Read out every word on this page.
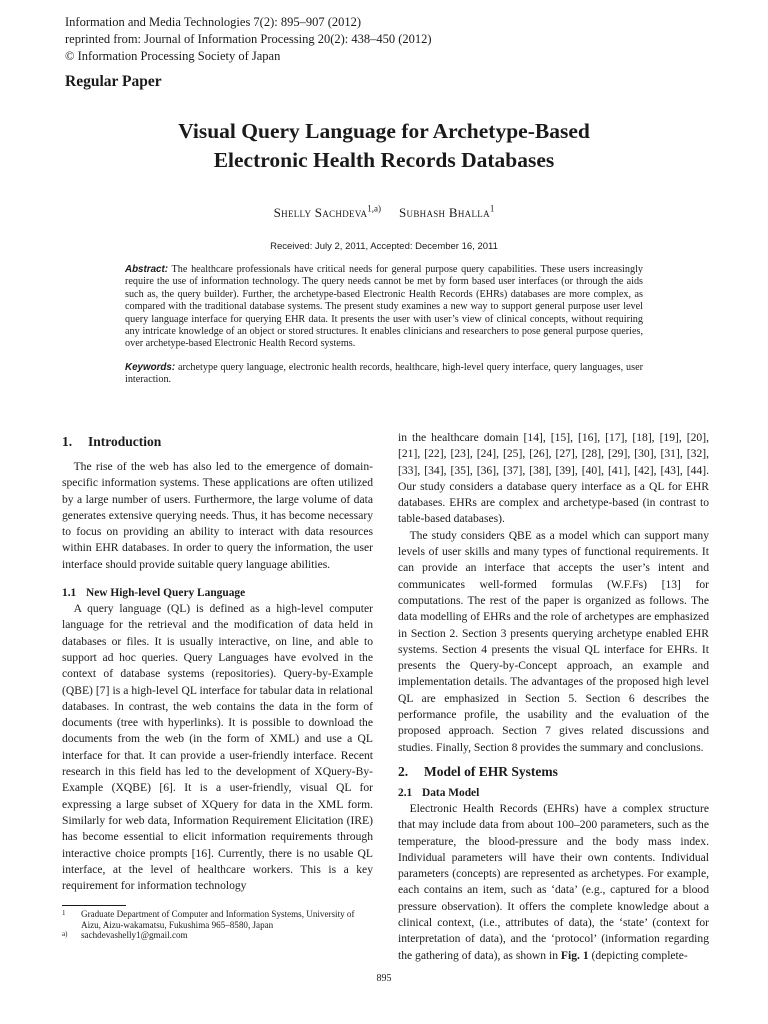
Information and Media Technologies 7(2): 895–907 (2012)
reprinted from: Journal of Information Processing 20(2): 438–450 (2012)
© Information Processing Society of Japan
Regular Paper
Visual Query Language for Archetype-Based
Electronic Health Records Databases
Shelly Sachdeva$^{1,a)}$ Subhash Bhalla$^1$
Received: July 2, 2011, Accepted: December 16, 2011
Abstract: The healthcare professionals have critical needs for general purpose query capabilities. These users increasingly require the use of information technology. The query needs cannot be met by form based user interfaces (or through the aids such as, the query builder). Further, the archetype-based Electronic Health Records (EHRs) databases are more complex, as compared with the traditional database systems. The present study examines a new way to support general purpose user level query language interface for querying EHR data. It presents the user with user’s view of clinical concepts, without requiring any intricate knowledge of an object or stored structures. It enables clinicians and researchers to pose general purpose queries, over archetype-based Electronic Health Record systems.
Keywords: archetype query language, electronic health records, healthcare, high-level query interface, query languages, user interaction.
1. Introduction

The rise of the web has also led to the emergence of domain-specific information systems. These applications are often utilized by a large number of users. Furthermore, the large volume of data generates extensive querying needs. Thus, it has become necessary to focus on providing an ability to interact with data resources within EHR databases. In order to query the information, the user interface should provide suitable query language abilities.

1.1 New High-level Query Language

A query language (QL) is defined as a high-level computer language for the retrieval and the modification of data held in databases or files. It is usually interactive, on line, and able to support ad hoc queries. Query Languages have evolved in the context of database systems (repositories). Query-by-Example (QBE) [7] is a high-level QL interface for tabular data in relational databases. In contrast, the web contains the data in the form of documents (tree with hyperlinks). It is possible to download the documents from the web (in the form of XML) and use a QL interface for that. It can provide a user-friendly interface. Recent research in this field has led to the development of XQuery-By-Example (XQBE) [6]. It is a user-friendly, visual QL for expressing a large subset of XQuery for data in the XML form. Similarly for web data, Information Requirement Elicitation (IRE) has become essential to elicit information requirements through interactive choice prompts [16]. Currently, there is no usable QL interface, at the level of healthcare workers. This is a key requirement for information technology

in the healthcare domain [14], [15], [16], [17], [18], [19], [20], [21], [22], [23], [24], [25], [26], [27], [28], [29], [30], [31], [32], [33], [34], [35], [36], [37], [38], [39], [40], [41], [42], [43], [44]. Our study considers a database query interface as a QL for EHR databases. EHRs are complex and archetype-based (in contrast to table-based databases).

The study considers QBE as a model which can support many levels of user skills and many types of functional requirements. It can provide an interface that accepts the user’s intent and communicates well-formed formulas (W.F.Fs) [13] for computations. The rest of the paper is organized as follows. The data modelling of EHRs and the role of archetypes are emphasized in Section 2. Section 3 presents querying archetype enabled EHR systems. Section 4 presents the visual QL interface for EHRs. It presents the Query-by-Concept approach, an example and implementation details. The advantages of the proposed high level QL are emphasized in Section 5. Section 6 describes the performance profile, the usability and the evaluation of the proposed approach. Section 7 gives related discussions and studies. Finally, Section 8 provides the summary and conclusions.

2. Model of EHR Systems
2.1 Data Model

Electronic Health Records (EHRs) have a complex structure that may include data from about 100–200 parameters, such as the temperature, the blood-pressure and the body mass index. Individual parameters will have their own contents. Individual parameters (concepts) are represented as archetypes. For example, each contains an item, such as ‘data’ (e.g., captured for a blood pressure observation). It offers the complete knowledge about a clinical context, (i.e., attributes of data), the ‘state’ (context for interpretation of data), and the ‘protocol’ (information regarding the gathering of data), as shown in Fig. 1 (depicting complete-

1	Graduate Department of Computer and Information Systems, University of Aizu, Aizu-wakamatsu, Fukushima 965–8580, Japan
a)	sachdevashelly1@gmail.com
895
